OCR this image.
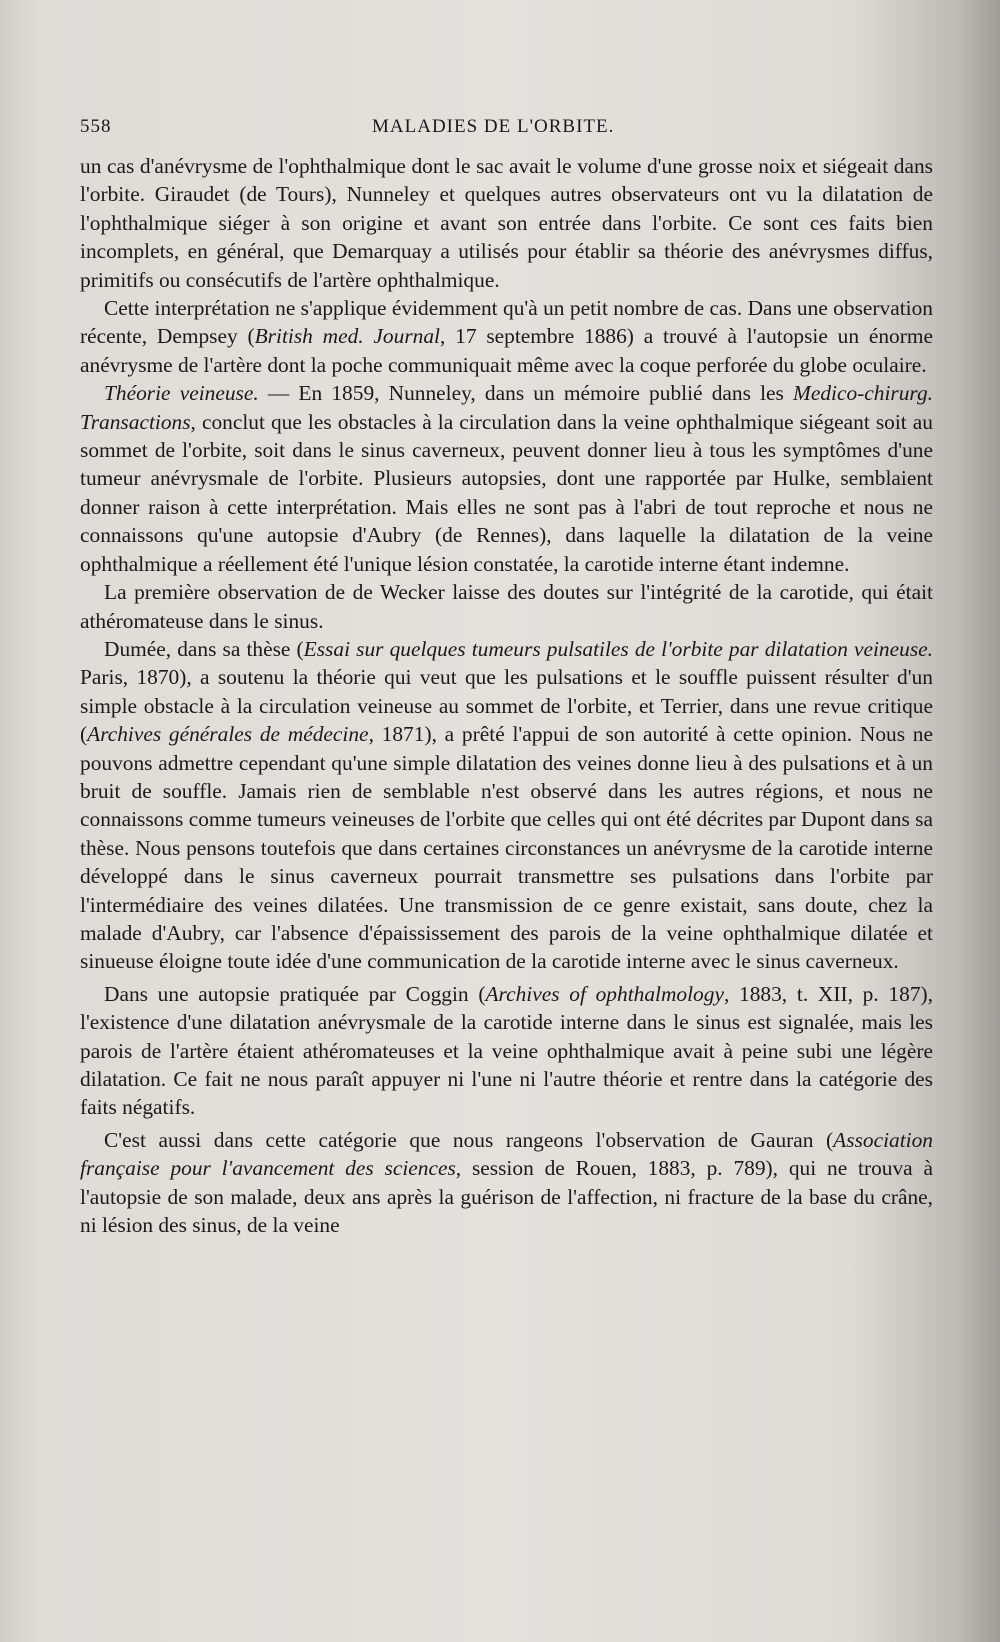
558	MALADIES DE L'ORBITE.

un cas d'anévrysme de l'ophthalmique dont le sac avait le volume d'une grosse noix et siégeait dans l'orbite. Giraudet (de Tours), Nunneley et quelques autres observateurs ont vu la dilatation de l'ophthalmique siéger à son origine et avant son entrée dans l'orbite. Ce sont ces faits bien incomplets, en général, que Demarquay a utilisés pour établir sa théorie des anévrysmes diffus, primitifs ou consécutifs de l'artère ophthalmique.

Cette interprétation ne s'applique évidemment qu'à un petit nombre de cas. Dans une observation récente, Dempsey (British med. Journal, 17 septembre 1886) a trouvé à l'autopsie un énorme anévrysme de l'artère dont la poche communiquait même avec la coque perforée du globe oculaire.

Théorie veineuse. — En 1859, Nunneley, dans un mémoire publié dans les Medico-chirurg. Transactions, conclut que les obstacles à la circulation dans la veine ophthalmique siégeant soit au sommet de l'orbite, soit dans le sinus caverneux, peuvent donner lieu à tous les symptômes d'une tumeur anévrysmale de l'orbite. Plusieurs autopsies, dont une rapportée par Hulke, semblaient donner raison à cette interprétation. Mais elles ne sont pas à l'abri de tout reproche et nous ne connaissons qu'une autopsie d'Aubry (de Rennes), dans laquelle la dilatation de la veine ophthalmique a réellement été l'unique lésion constatée, la carotide interne étant indemne.

La première observation de de Wecker laisse des doutes sur l'intégrité de la carotide, qui était athéromateuse dans le sinus.

Dumée, dans sa thèse (Essai sur quelques tumeurs pulsatiles de l'orbite par dilatation veineuse. Paris, 1870), a soutenu la théorie qui veut que les pulsations et le souffle puissent résulter d'un simple obstacle à la circulation veineuse au sommet de l'orbite, et Terrier, dans une revue critique (Archives générales de médecine, 1871), a prêté l'appui de son autorité à cette opinion. Nous ne pouvons admettre cependant qu'une simple dilatation des veines donne lieu à des pulsations et à un bruit de souffle. Jamais rien de semblable n'est observé dans les autres régions, et nous ne connaissons comme tumeurs veineuses de l'orbite que celles qui ont été décrites par Dupont dans sa thèse. Nous pensons toutefois que dans certaines circonstances un anévrysme de la carotide interne développé dans le sinus caverneux pourrait transmettre ses pulsations dans l'orbite par l'intermédiaire des veines dilatées. Une transmission de ce genre existait, sans doute, chez la malade d'Aubry, car l'absence d'épaississement des parois de la veine ophthalmique dilatée et sinueuse éloigne toute idée d'une communication de la carotide interne avec le sinus caverneux.

Dans une autopsie pratiquée par Coggin (Archives of ophthalmology, 1883, t. XII, p. 187), l'existence d'une dilatation anévrysmale de la carotide interne dans le sinus est signalée, mais les parois de l'artère étaient athéromateuses et la veine ophthalmique avait à peine subi une légère dilatation. Ce fait ne nous paraît appuyer ni l'une ni l'autre théorie et rentre dans la catégorie des faits négatifs.

C'est aussi dans cette catégorie que nous rangeons l'observation de Gauran (Association française pour l'avancement des sciences, session de Rouen, 1883, p. 789), qui ne trouva à l'autopsie de son malade, deux ans après la guérison de l'affection, ni fracture de la base du crâne, ni lésion des sinus, de la veine
